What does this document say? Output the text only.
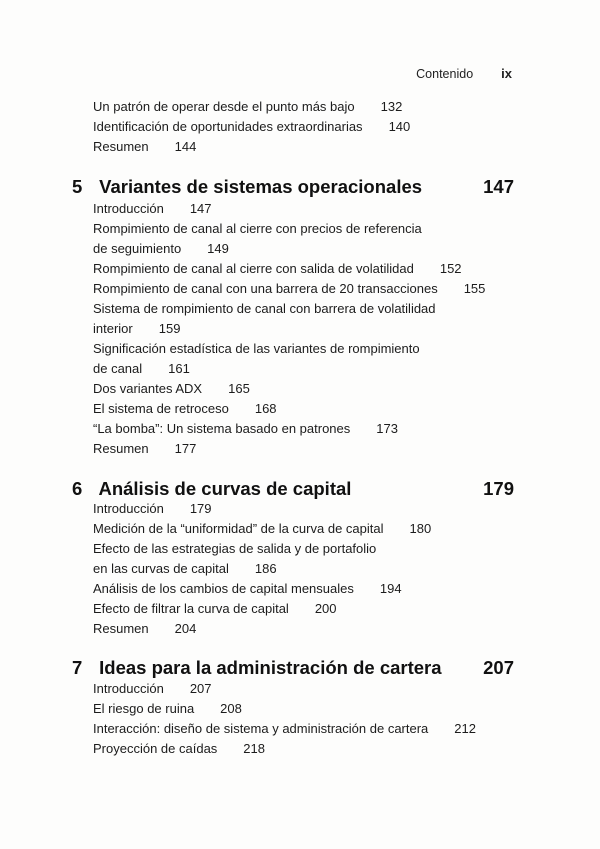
Contenido ix
Un patrón de operar desde el punto más bajo 132
Identificación de oportunidades extraordinarias 140
Resumen 144
5 Variantes de sistemas operacionales	147
Introducción 147
Rompimiento de canal al cierre con precios de referencia
de seguimiento 149
Rompimiento de canal al cierre con salida de volatilidad 152
Rompimiento de canal con una barrera de 20 transacciones 155
Sistema de rompimiento de canal con barrera de volatilidad
interior 159
Significación estadística de las variantes de rompimiento
de canal 161
Dos variantes ADX 165
El sistema de retroceso 168
“La bomba”: Un sistema basado en patrones 173
Resumen 177
6 Análisis de curvas de capital	179
Introducción 179
Medición de la “uniformidad” de la curva de capital 180
Efecto de las estrategias de salida y de portafolio
en las curvas de capital 186
Análisis de los cambios de capital mensuales 194
Efecto de filtrar la curva de capital 200
Resumen 204
7 Ideas para la administración de cartera 207
Introducción 207
El riesgo de ruina 208
Interacción: diseño de sistema y administración de cartera 212
Proyección de caídas 218
